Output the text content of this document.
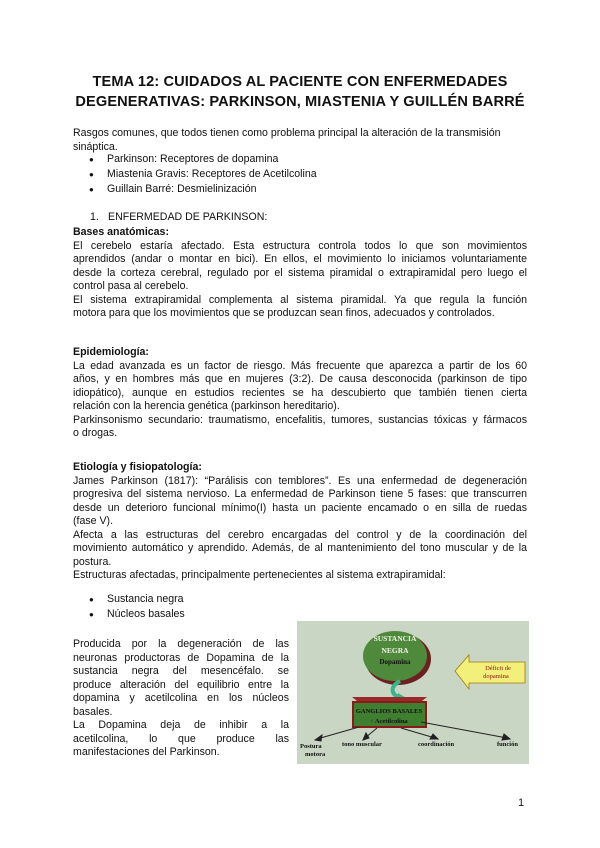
TEMA 12: CUIDADOS AL PACIENTE CON ENFERMEDADES
DEGENERATIVAS: PARKINSON, MIASTENIA Y GUILLÉN BARRÉ
Rasgos comunes, que todos tienen como problema principal la alteración de la transmisión
sináptica.
● Parkinson: Receptores de dopamina
● Miastenia Gravis: Receptores de Acetilcolina
● Guillain Barré: Desmielinización
1. ENFERMEDAD DE PARKINSON:
Bases anatómicas:
El cerebelo estaría afectado. Esta estructura controla todos lo que son movimientos
aprendidos (andar o montar en bici). En ellos, el movimiento lo iniciamos voluntariamente
desde la corteza cerebral, regulado por el sistema piramidal o extrapiramidal pero luego el
control pasa al cerebelo.
El sistema extrapiramidal complementa al sistema piramidal. Ya que regula la función
motora para que los movimientos que se produzcan sean finos, adecuados y controlados.
Epidemiología:
La edad avanzada es un factor de riesgo. Más frecuente que aparezca a partir de los 60
años, y en hombres más que en mujeres (3:2). De causa desconocida (parkinson de tipo
idiopático), aunque en estudios recientes se ha descubierto que también tienen cierta
relación con la herencia genética (parkinson hereditario).
Parkinsonismo secundario: traumatismo, encefalitis, tumores, sustancias tóxicas y fármacos
o drogas.
Etiología y fisiopatología:
James Parkinson (1817): “Parálisis con temblores”. Es una enfermedad de degeneración
progresiva del sistema nervioso. La enfermedad de Parkinson tiene 5 fases: que transcurren
desde un deterioro funcional mínimo(I) hasta un paciente encamado o en silla de ruedas
(fase V).
Afecta a las estructuras del cerebro encargadas del control y de la coordinación del
movimiento automático y aprendido. Además, de al mantenimiento del tono muscular y de la
postura.
Estructuras afectadas, principalmente pertenecientes al sistema extrapiramidal:
● Sustancia negra
● Núcleos basales
Producida por la degeneración de las
neuronas productoras de Dopamina de la
sustancia negra del mesencéfalo. se
produce alteración del equilibrio entre la
dopamina y acetilcolina en los núcleos
basales.
La Dopamina deja de inhibir a la
acetilcolina, lo que produce las
manifestaciones del Parkinson.
SUSTANCIA
NEGRA
Dopamina
Déficit de
dopamina
GANGLIOS BASALES
↑ Acetilcolina
Postura
motora
tono muscular	coordinación	función
1
